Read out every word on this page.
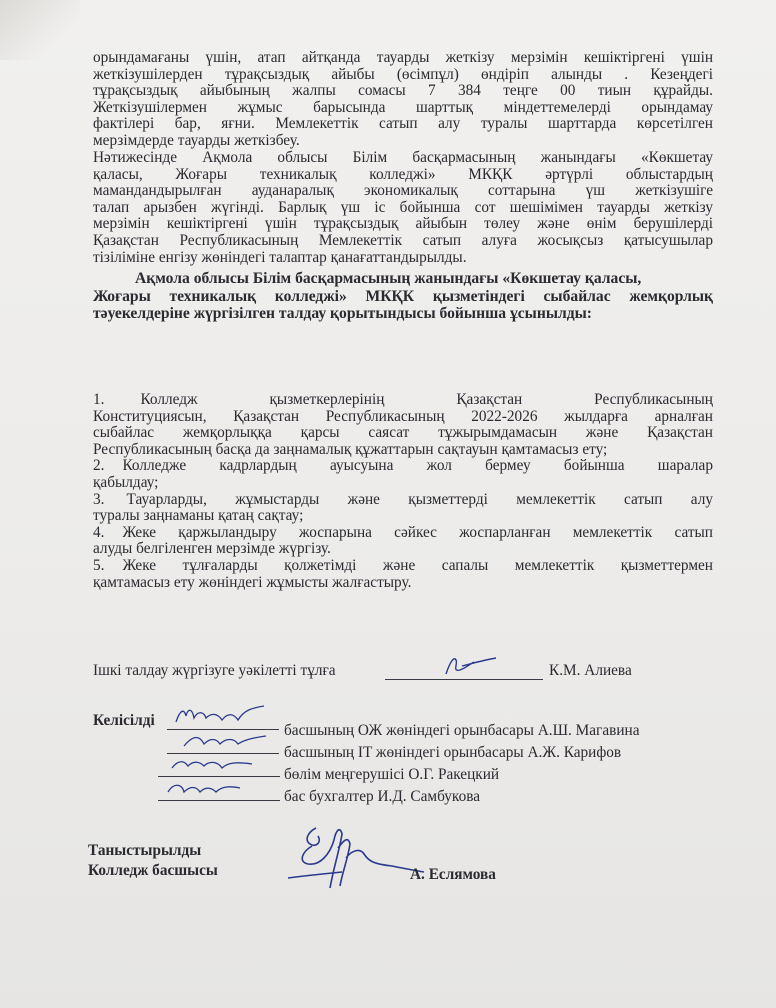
орындамағаны үшін, атап айтқанда тауарды жеткізу мерзімін кешіктіргені үшін
жеткізушілерден тұрақсыздық айыбы (өсімпұл) өндіріп алынды . Кезеңдегі
тұрақсыздық айыбының жалпы сомасы 7 384 теңге 00 тиын құрайды.
Жеткізушілермен жұмыс барысында шарттық міндеттемелерді орындамау
фактілері бар, яғни. Мемлекеттік сатып алу туралы шарттарда көрсетілген
мерзімдерде тауарды жеткізбеу.
Нәтижесінде Ақмола облысы Білім басқармасының жанындағы «Көкшетау
қаласы, Жоғары техникалық колледжі» МКҚК әртүрлі облыстардың
мамандандырылған ауданаралық экономикалық соттарына үш жеткізушіге
талап арызбен жүгінді. Барлық үш іс бойынша сот шешімімен тауарды жеткізу
мерзімін кешіктіргені үшін тұрақсыздық айыбын төлеу және өнім берушілерді
Қазақстан Республикасының Мемлекеттік сатып алуға жосықсыз қатысушылар
тізіліміне енгізу жөніндегі талаптар қанағаттандырылды.
Ақмола облысы Білім басқармасының жанындағы «Көкшетау қаласы,
Жоғары техникалық колледжі» МКҚК қызметіндегі сыбайлас жемқорлық
тәуекелдеріне жүргізілген талдау қорытындысы бойынша ұсынылды:
1. Колледж қызметкерлерінің Қазақстан Республикасының
Конституциясын, Қазақстан Республикасының 2022-2026 жылдарға арналған
сыбайлас жемқорлыққа қарсы саясат тұжырымдамасын және Қазақстан
Республикасының басқа да заңнамалық құжаттарын сақтауын қамтамасыз ету;
2. Колледже кадрлардың ауысуына жол бермеу бойынша шаралар
қабылдау;
3. Тауарларды, жұмыстарды және қызметтерді мемлекеттік сатып алу
туралы заңнаманы қатаң сақтау;
4. Жеке қаржыландыру жоспарына сәйкес жоспарланған мемлекеттік сатып
алуды белгіленген мерзімде жүргізу.
5. Жеке тұлғаларды қолжетімді және сапалы мемлекеттік қызметтермен
қамтамасыз ету жөніндегі жұмысты жалғастыру.
Ішкі талдау жүргізуге уәкілетті тұлға	К.М. Алиева
Келісілді
басшының ОЖ жөніндегі орынбасары А.Ш. Магавина
басшының IT жөніндегі орынбасары А.Ж. Карифов
бөлім меңгерушісі О.Г. Ракецкий
бас бухгалтер И.Д. Самбукова
Таныстырылды
Колледж басшысы	А. Еслямова
